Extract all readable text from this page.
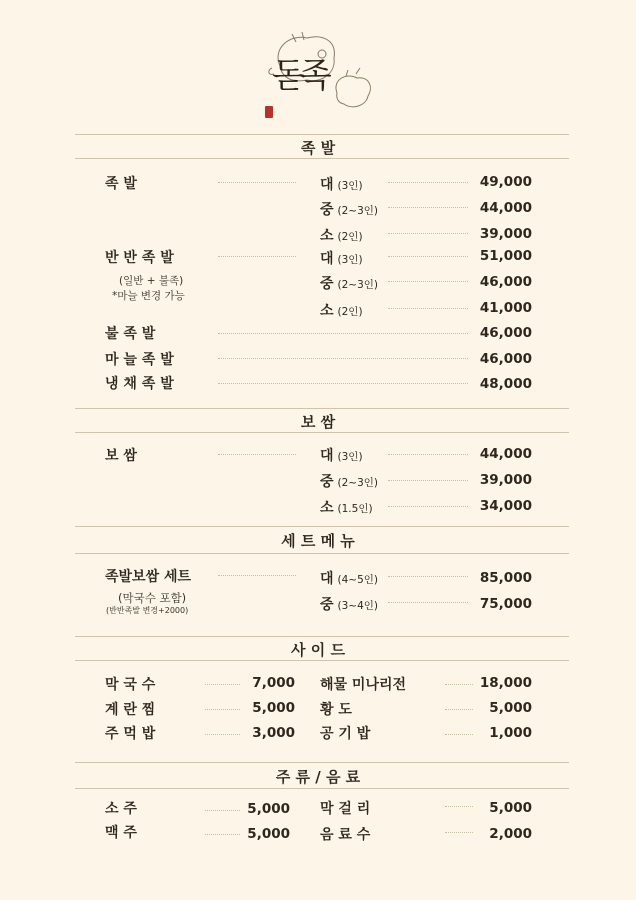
돋족
족 발
족 발	대 (3인)	49,000
중 (2~3인)	44,000
소 (2인)	39,000
반 반 족 발
(일반 + 불족)
*마늘 변경 가능
대 (3인)	51,000
중 (2~3인)	46,000
소 (2인)	41,000
불 족 발	46,000
마 늘 족 발	46,000
냉 채 족 발	48,000
보 쌈
보 쌈	대 (3인)	44,000
중 (2~3인)	39,000
소 (1.5인)	34,000
세 트 메 뉴
족발보쌈 세트
(막국수 포함)
(반반족발 변경+2000)
대 (4~5인)	85,000
중 (3~4인)	75,000
사 이 드
막 국 수	7,000 해물 미나리전	18,000
계 란 찜	5,000 황 도	5,000
주 먹 밥	3,000 공 기 밥	1,000
주 류 / 음 료
소 주	5,000 막 걸 리	5,000
맥 주	5,000 음 료 수	2,000
